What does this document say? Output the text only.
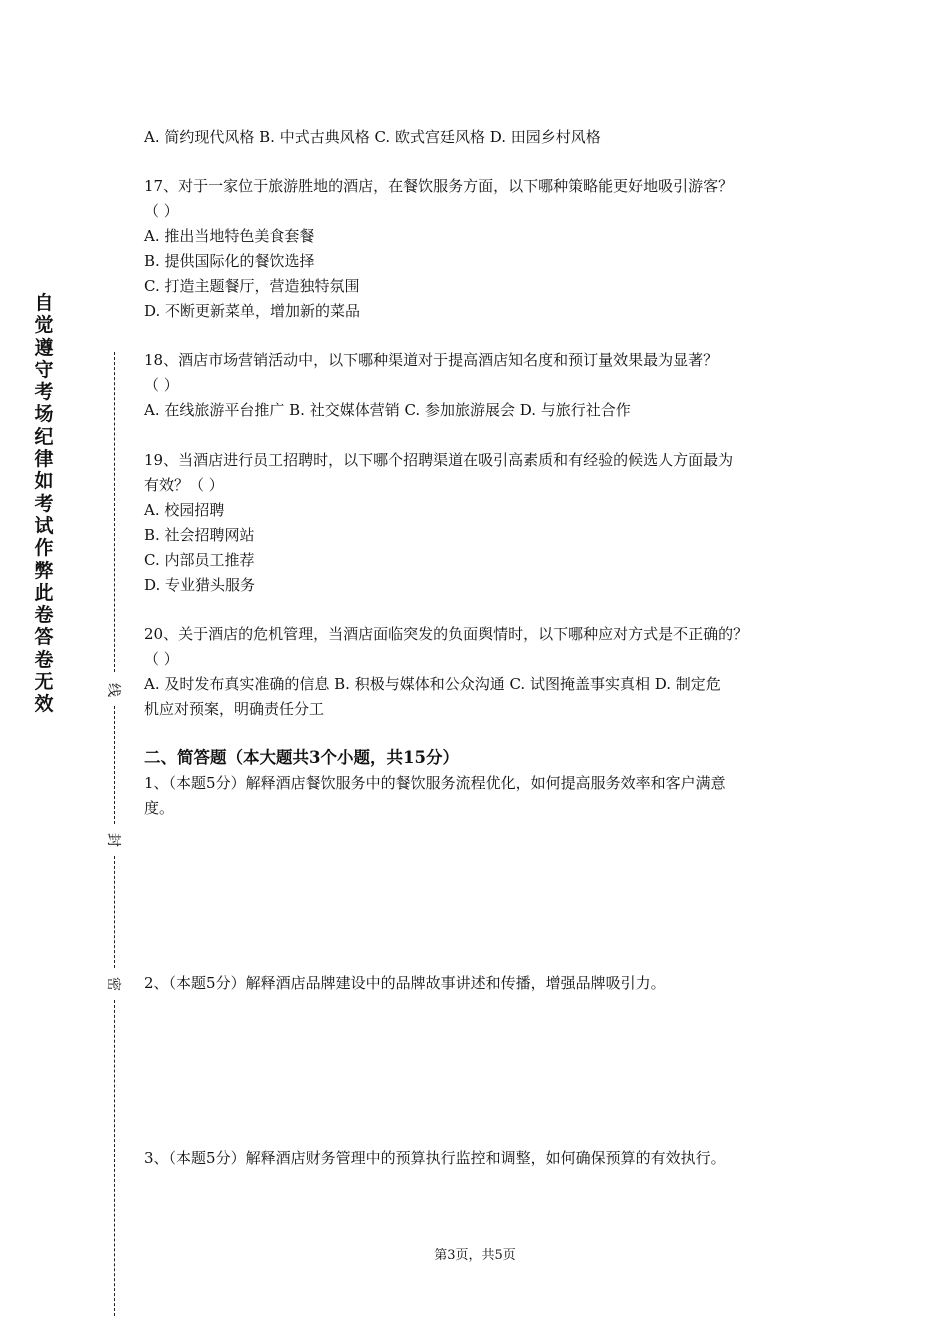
自觉遵守考场纪律如考试作弊此卷答卷无效
线
封
密
A. 简约现代风格 B. 中式古典风格 C. 欧式宫廷风格 D. 田园乡村风格
17、对于一家位于旅游胜地的酒店，在餐饮服务方面，以下哪种策略能更好地吸引游客？
（ ）
A. 推出当地特色美食套餐
B. 提供国际化的餐饮选择
C. 打造主题餐厅，营造独特氛围
D. 不断更新菜单，增加新的菜品
18、酒店市场营销活动中，以下哪种渠道对于提高酒店知名度和预订量效果最为显著？
（ ）
A. 在线旅游平台推广 B. 社交媒体营销 C. 参加旅游展会 D. 与旅行社合作
19、当酒店进行员工招聘时，以下哪个招聘渠道在吸引高素质和有经验的候选人方面最为
有效？（ ）
A. 校园招聘
B. 社会招聘网站
C. 内部员工推荐
D. 专业猎头服务
20、关于酒店的危机管理，当酒店面临突发的负面舆情时，以下哪种应对方式是不正确的？
（ ）
A. 及时发布真实准确的信息 B. 积极与媒体和公众沟通 C. 试图掩盖事实真相 D. 制定危
机应对预案，明确责任分工
二、简答题（本大题共3个小题，共15分）
1、（本题5分）解释酒店餐饮服务中的餐饮服务流程优化，如何提高服务效率和客户满意
度。
2、（本题5分）解释酒店品牌建设中的品牌故事讲述和传播，增强品牌吸引力。
3、（本题5分）解释酒店财务管理中的预算执行监控和调整，如何确保预算的有效执行。
第3页，共5页
